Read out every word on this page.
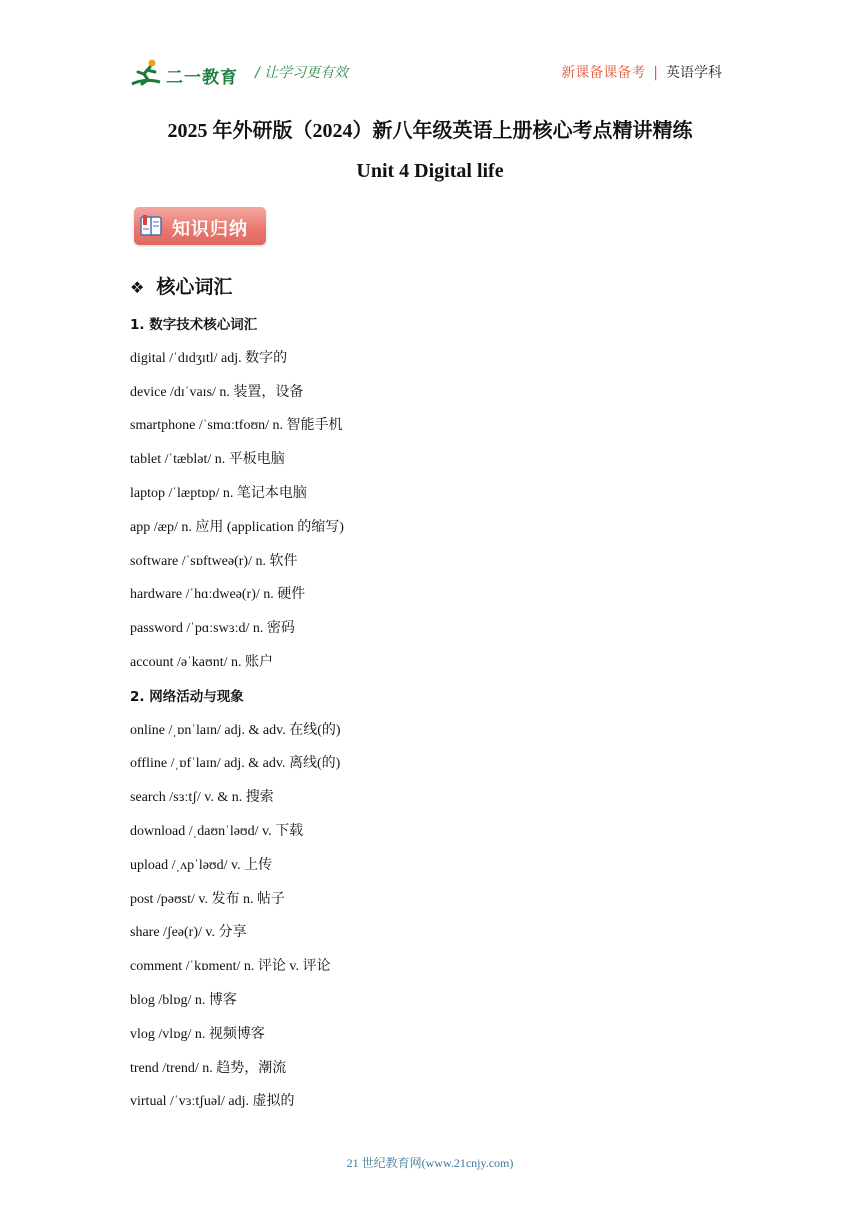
二一教育 / 让学习更有效	新课备课备考 | 英语学科
2025 年外研版（2024）新八年级英语上册核心考点精讲精练
Unit 4 Digital life
知识归纳
❖ 核心词汇
1. 数字技术核心词汇
digital /ˈdɪdʒɪtl/ adj. 数字的
device /dɪˈvaɪs/ n. 装置，设备
smartphone /ˈsmɑːtfoʊn/ n. 智能手机
tablet /ˈtæblət/ n. 平板电脑
laptop /ˈlæptɒp/ n. 笔记本电脑
app /æp/ n. 应用 (application 的缩写)
software /ˈsɒftweə(r)/ n. 软件
hardware /ˈhɑːdweə(r)/ n. 硬件
password /ˈpɑːswɜːd/ n. 密码
account /əˈkaʊnt/ n. 账户
2. 网络活动与现象
online /ˌɒnˈlaɪn/ adj. & adv. 在线(的)
offline /ˌɒfˈlaɪn/ adj. & adv. 离线(的)
search /sɜːtʃ/ v. & n. 搜索
download /ˌdaʊnˈləʊd/ v. 下载
upload /ˌʌpˈləʊd/ v. 上传
post /pəʊst/ v. 发布 n. 帖子
share /ʃeə(r)/ v. 分享
comment /ˈkɒment/ n. 评论 v. 评论
blog /blɒg/ n. 博客
vlog /vlɒg/ n. 视频博客
trend /trend/ n. 趋势，潮流
virtual /ˈvɜːtʃuəl/ adj. 虚拟的
21 世纪教育网(www.21cnjy.com)
